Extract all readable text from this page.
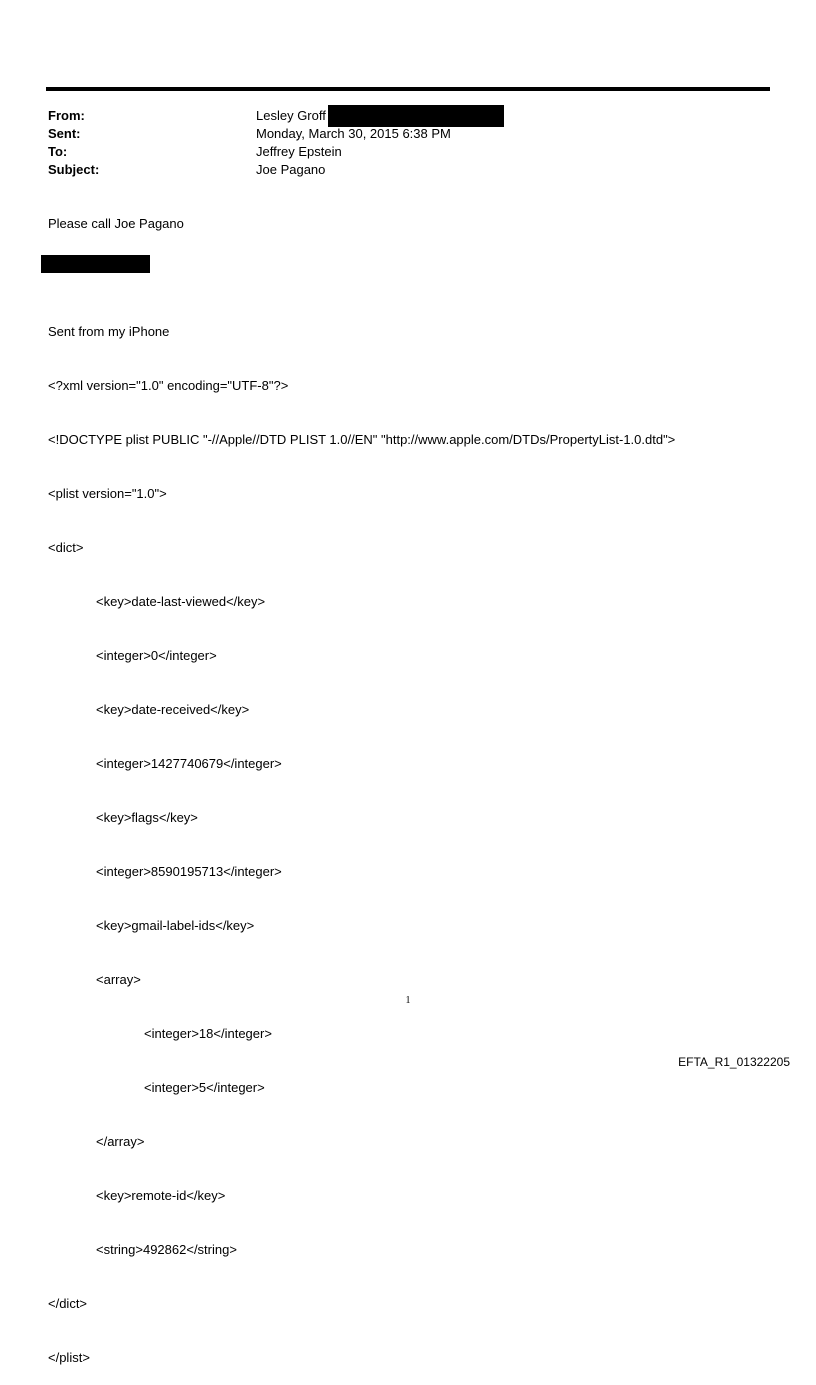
From:	Lesley Groff
Sent:	Monday, March 30, 2015 6:38 PM
To:	Jeffrey Epstein
Subject:	Joe Pagano
Please call Joe Pagano

Sent from my iPhone

<?xml version="1.0" encoding="UTF-8"?>

<!DOCTYPE plist PUBLIC "-//Apple//DTD PLIST 1.0//EN" "http://www.apple.com/DTDs/PropertyList-1.0.dtd">

<plist version="1.0">

<dict>

<key>date-last-viewed</key>

<integer>0</integer>

<key>date-received</key>

<integer>1427740679</integer>

<key>flags</key>

<integer>8590195713</integer>

<key>gmail-label-ids</key>

<array>

<integer>18</integer>

<integer>5</integer>

</array>

<key>remote-id</key>

<string>492862</string>

</dict>

</plist>

1
EFTA_R1_01322205
